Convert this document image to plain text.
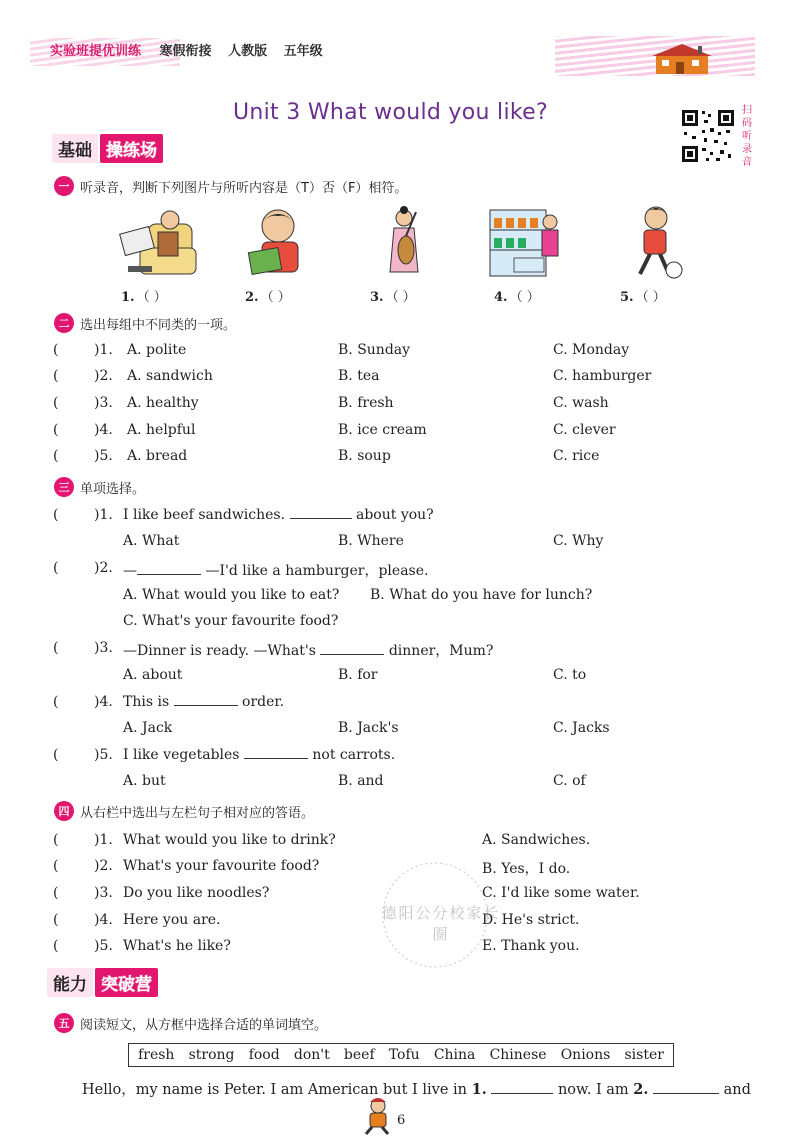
实验班提优训练 寒假衔接 人教版 五年级
Unit 3 What would you like?	扫
码
听
录
音
基础 操练场
一 听录音，判断下列图片与所听内容是（T）否（F）相符。
1. （ ）	2. （ ）	3. （ ）	4. （ ）	5. （ ）
二 选出每组中不同类的一项。
(	)1. A. polite	B. Sunday	C. Monday
(	)2. A. sandwich	B. tea	C. hamburger
(	)3. A. healthy	B. fresh	C. wash
(	)4. A. helpful	B. ice cream	C. clever
(	)5. A. bread	B. soup	C. rice
三 单项选择。
(	)1. I like beef sandwiches.	about you?
A. What	B. Where	C. Why
(	)2. —	—I'd like a hamburger，please.
A. What would you like to eat? B. What do you have for lunch?
C. What's your favourite food?
(	)3. —Dinner is ready. —What's	dinner，Mum?
A. about	B. for	C. to
(	)4. This is	order.
A. Jack	B. Jack's	C. Jacks
(	)5. I like vegetables	not carrots.
A. but	B. and	C. of
四 从右栏中选出与左栏句子相对应的答语。
德阳公分校家长圈
(	)1. What would you like to drink?	A. Sandwiches.
(	)2. What's your favourite food?	B. Yes，I do.
(	)3. Do you like noodles?	C. I'd like some water.
(	)4. Here you are.	D. He's strict.
(	)5. What's he like?	E. Thank you.
能力 突破营
五 阅读短文，从方框中选择合适的单词填空。
fresh strong food don't beef Tofu China Chinese Onions sister
Hello，my name is Peter. I am American but I live in 1.	now. I am 2.	and
6
